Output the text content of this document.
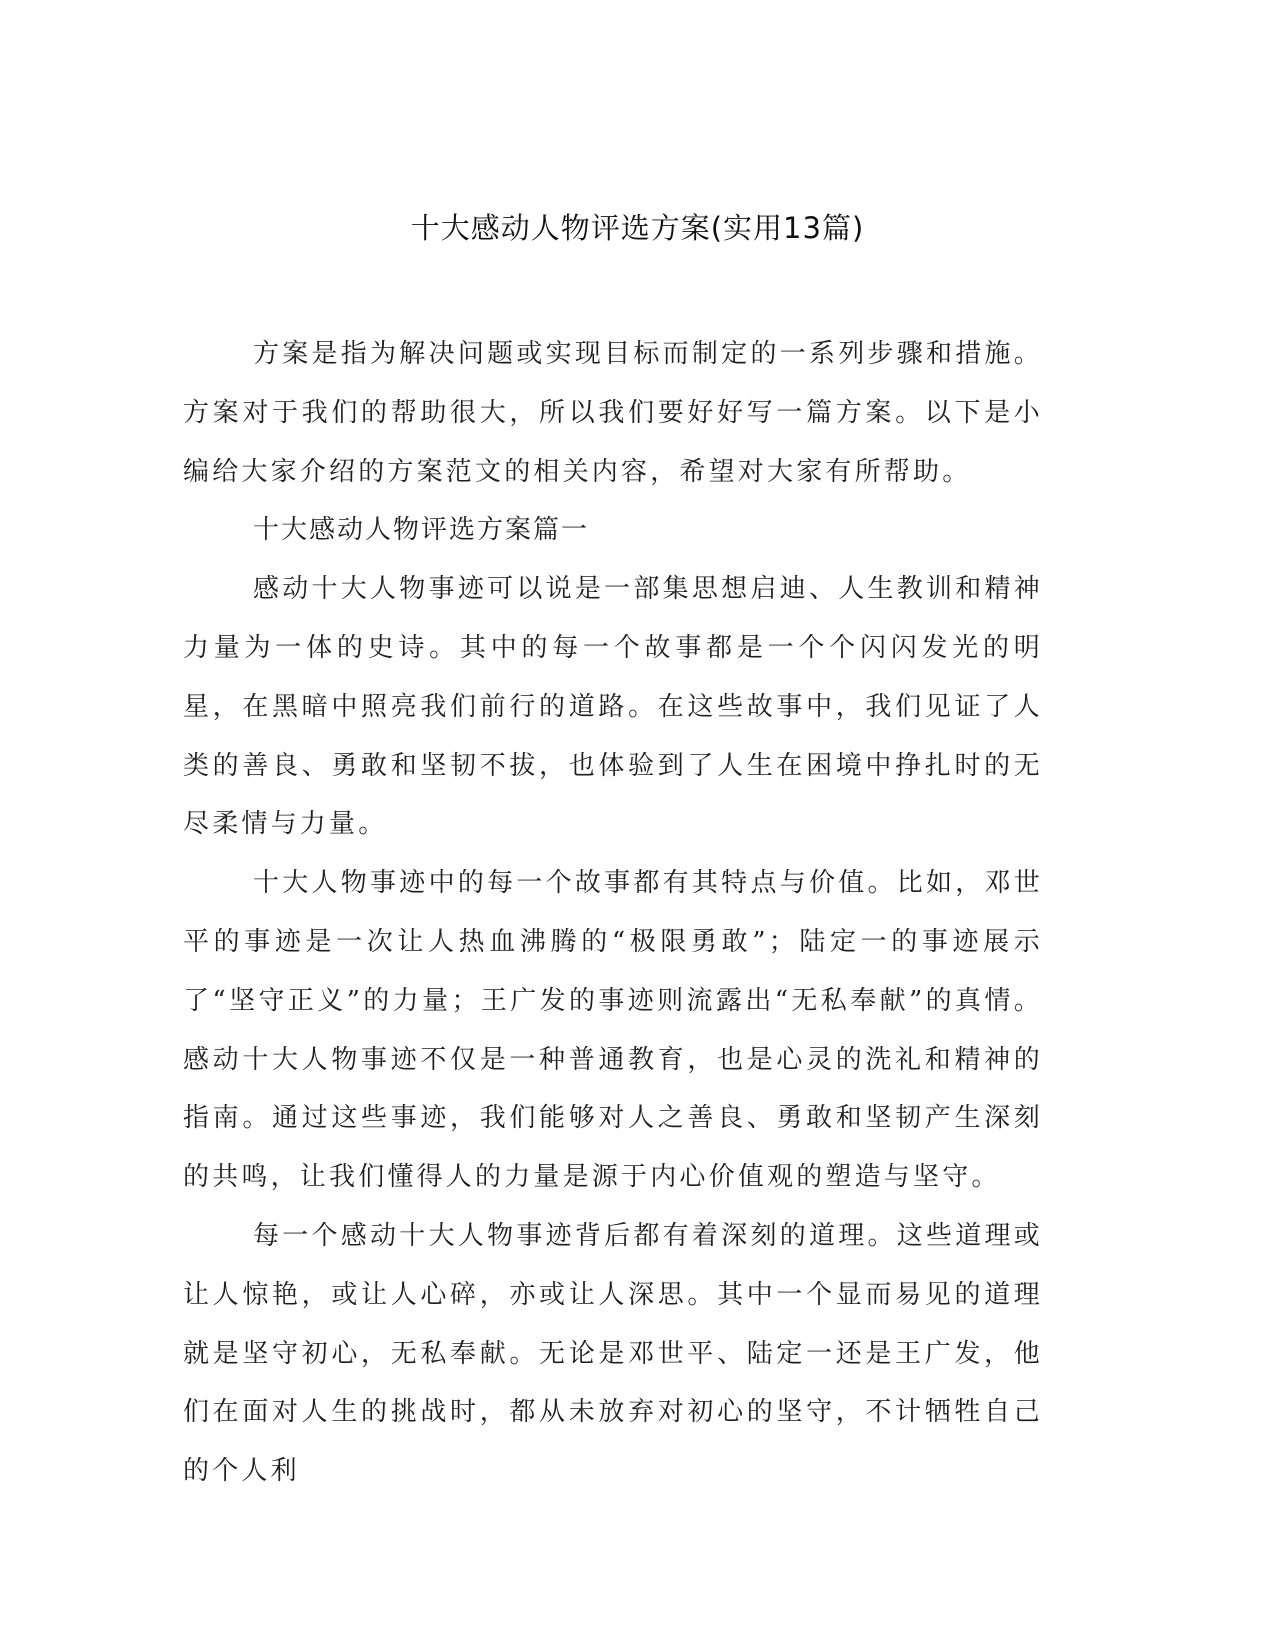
十大感动人物评选方案(实用13篇)

方案是指为解决问题或实现目标而制定的一系列步骤和措施。方案对于我们的帮助很大，所以我们要好好写一篇方案。以下是小编给大家介绍的方案范文的相关内容，希望对大家有所帮助。

十大感动人物评选方案篇一

感动十大人物事迹可以说是一部集思想启迪、人生教训和精神力量为一体的史诗。其中的每一个故事都是一个个闪闪发光的明星，在黑暗中照亮我们前行的道路。在这些故事中，我们见证了人类的善良、勇敢和坚韧不拔，也体验到了人生在困境中挣扎时的无尽柔情与力量。

十大人物事迹中的每一个故事都有其特点与价值。比如，邓世平的事迹是一次让人热血沸腾的“极限勇敢”；陆定一的事迹展示了“坚守正义”的力量；王广发的事迹则流露出“无私奉献”的真情。感动十大人物事迹不仅是一种普通教育，也是心灵的洗礼和精神的指南。通过这些事迹，我们能够对人之善良、勇敢和坚韧产生深刻的共鸣，让我们懂得人的力量是源于内心价值观的塑造与坚守。

每一个感动十大人物事迹背后都有着深刻的道理。这些道理或让人惊艳，或让人心碎，亦或让人深思。其中一个显而易见的道理就是坚守初心，无私奉献。无论是邓世平、陆定一还是王广发，他们在面对人生的挑战时，都从未放弃对初心的坚守，不计牺牲自己的个人利
